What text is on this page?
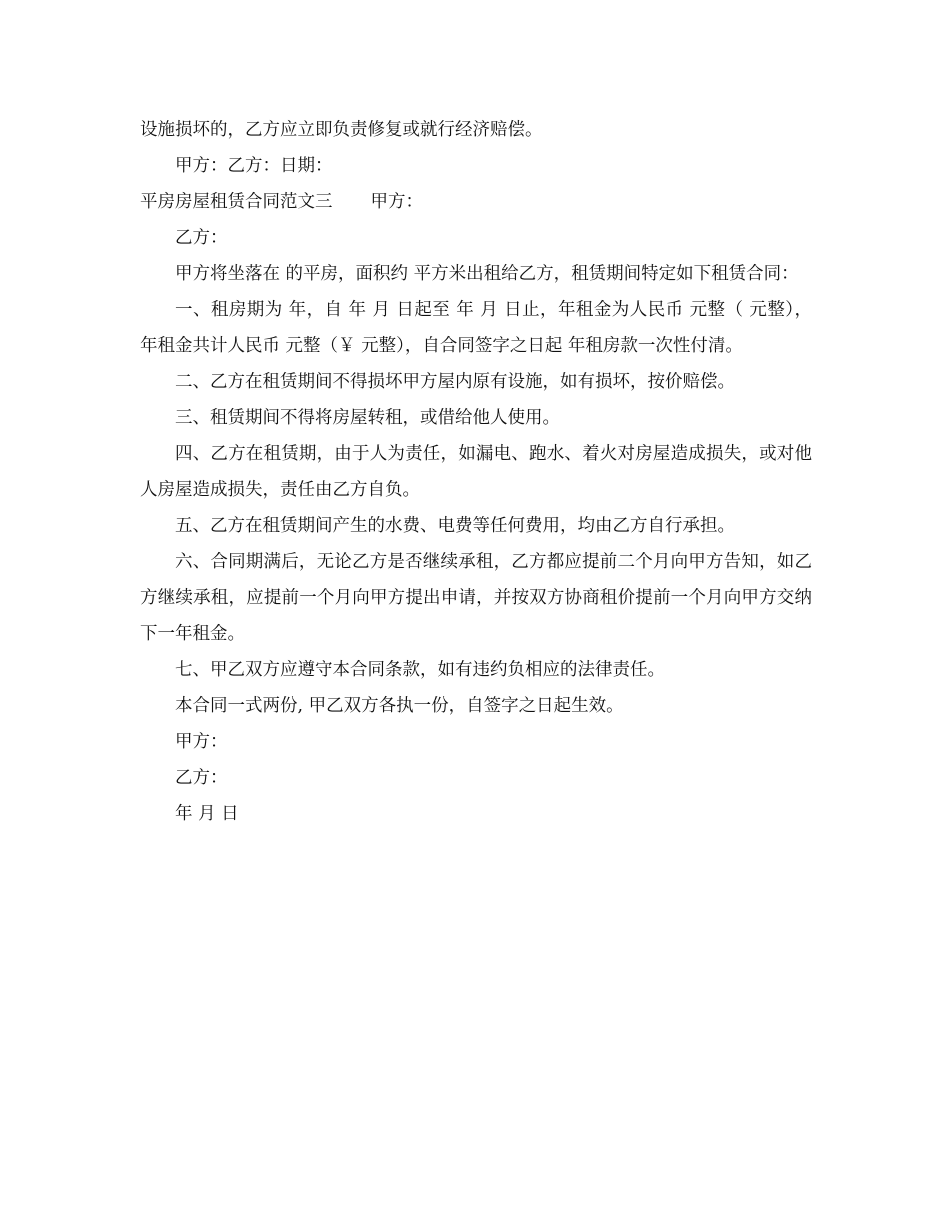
设施损坏的，乙方应立即负责修复或就行经济赔偿。

甲方：乙方：日期：

平房房屋租赁合同范文三 甲方：

乙方：

甲方将坐落在 的平房，面积约 平方米出租给乙方，租赁期间特定如下租赁合同：

一、租房期为 年，自 年 月 日起至 年 月 日止，年租金为人民币 元整（ 元整）， 年租金共计人民币 元整（￥ 元整），自合同签字之日起 年租房款一次性付清。

二、乙方在租赁期间不得损坏甲方屋内原有设施，如有损坏，按价赔偿。

三、租赁期间不得将房屋转租，或借给他人使用。

四、乙方在租赁期，由于人为责任，如漏电、跑水、着火对房屋造成损失，或对他人房屋造成损失，责任由乙方自负。

五、乙方在租赁期间产生的水费、电费等任何费用，均由乙方自行承担。

六、合同期满后，无论乙方是否继续承租，乙方都应提前二个月向甲方告知，如乙方继续承租，应提前一个月向甲方提出申请，并按双方协商租价提前一个月向甲方交纳下一年租金。

七、甲乙双方应遵守本合同条款，如有违约负相应的法律责任。

本合同一式两份, 甲乙双方各执一份，自签字之日起生效。

甲方：

乙方：

年 月 日
